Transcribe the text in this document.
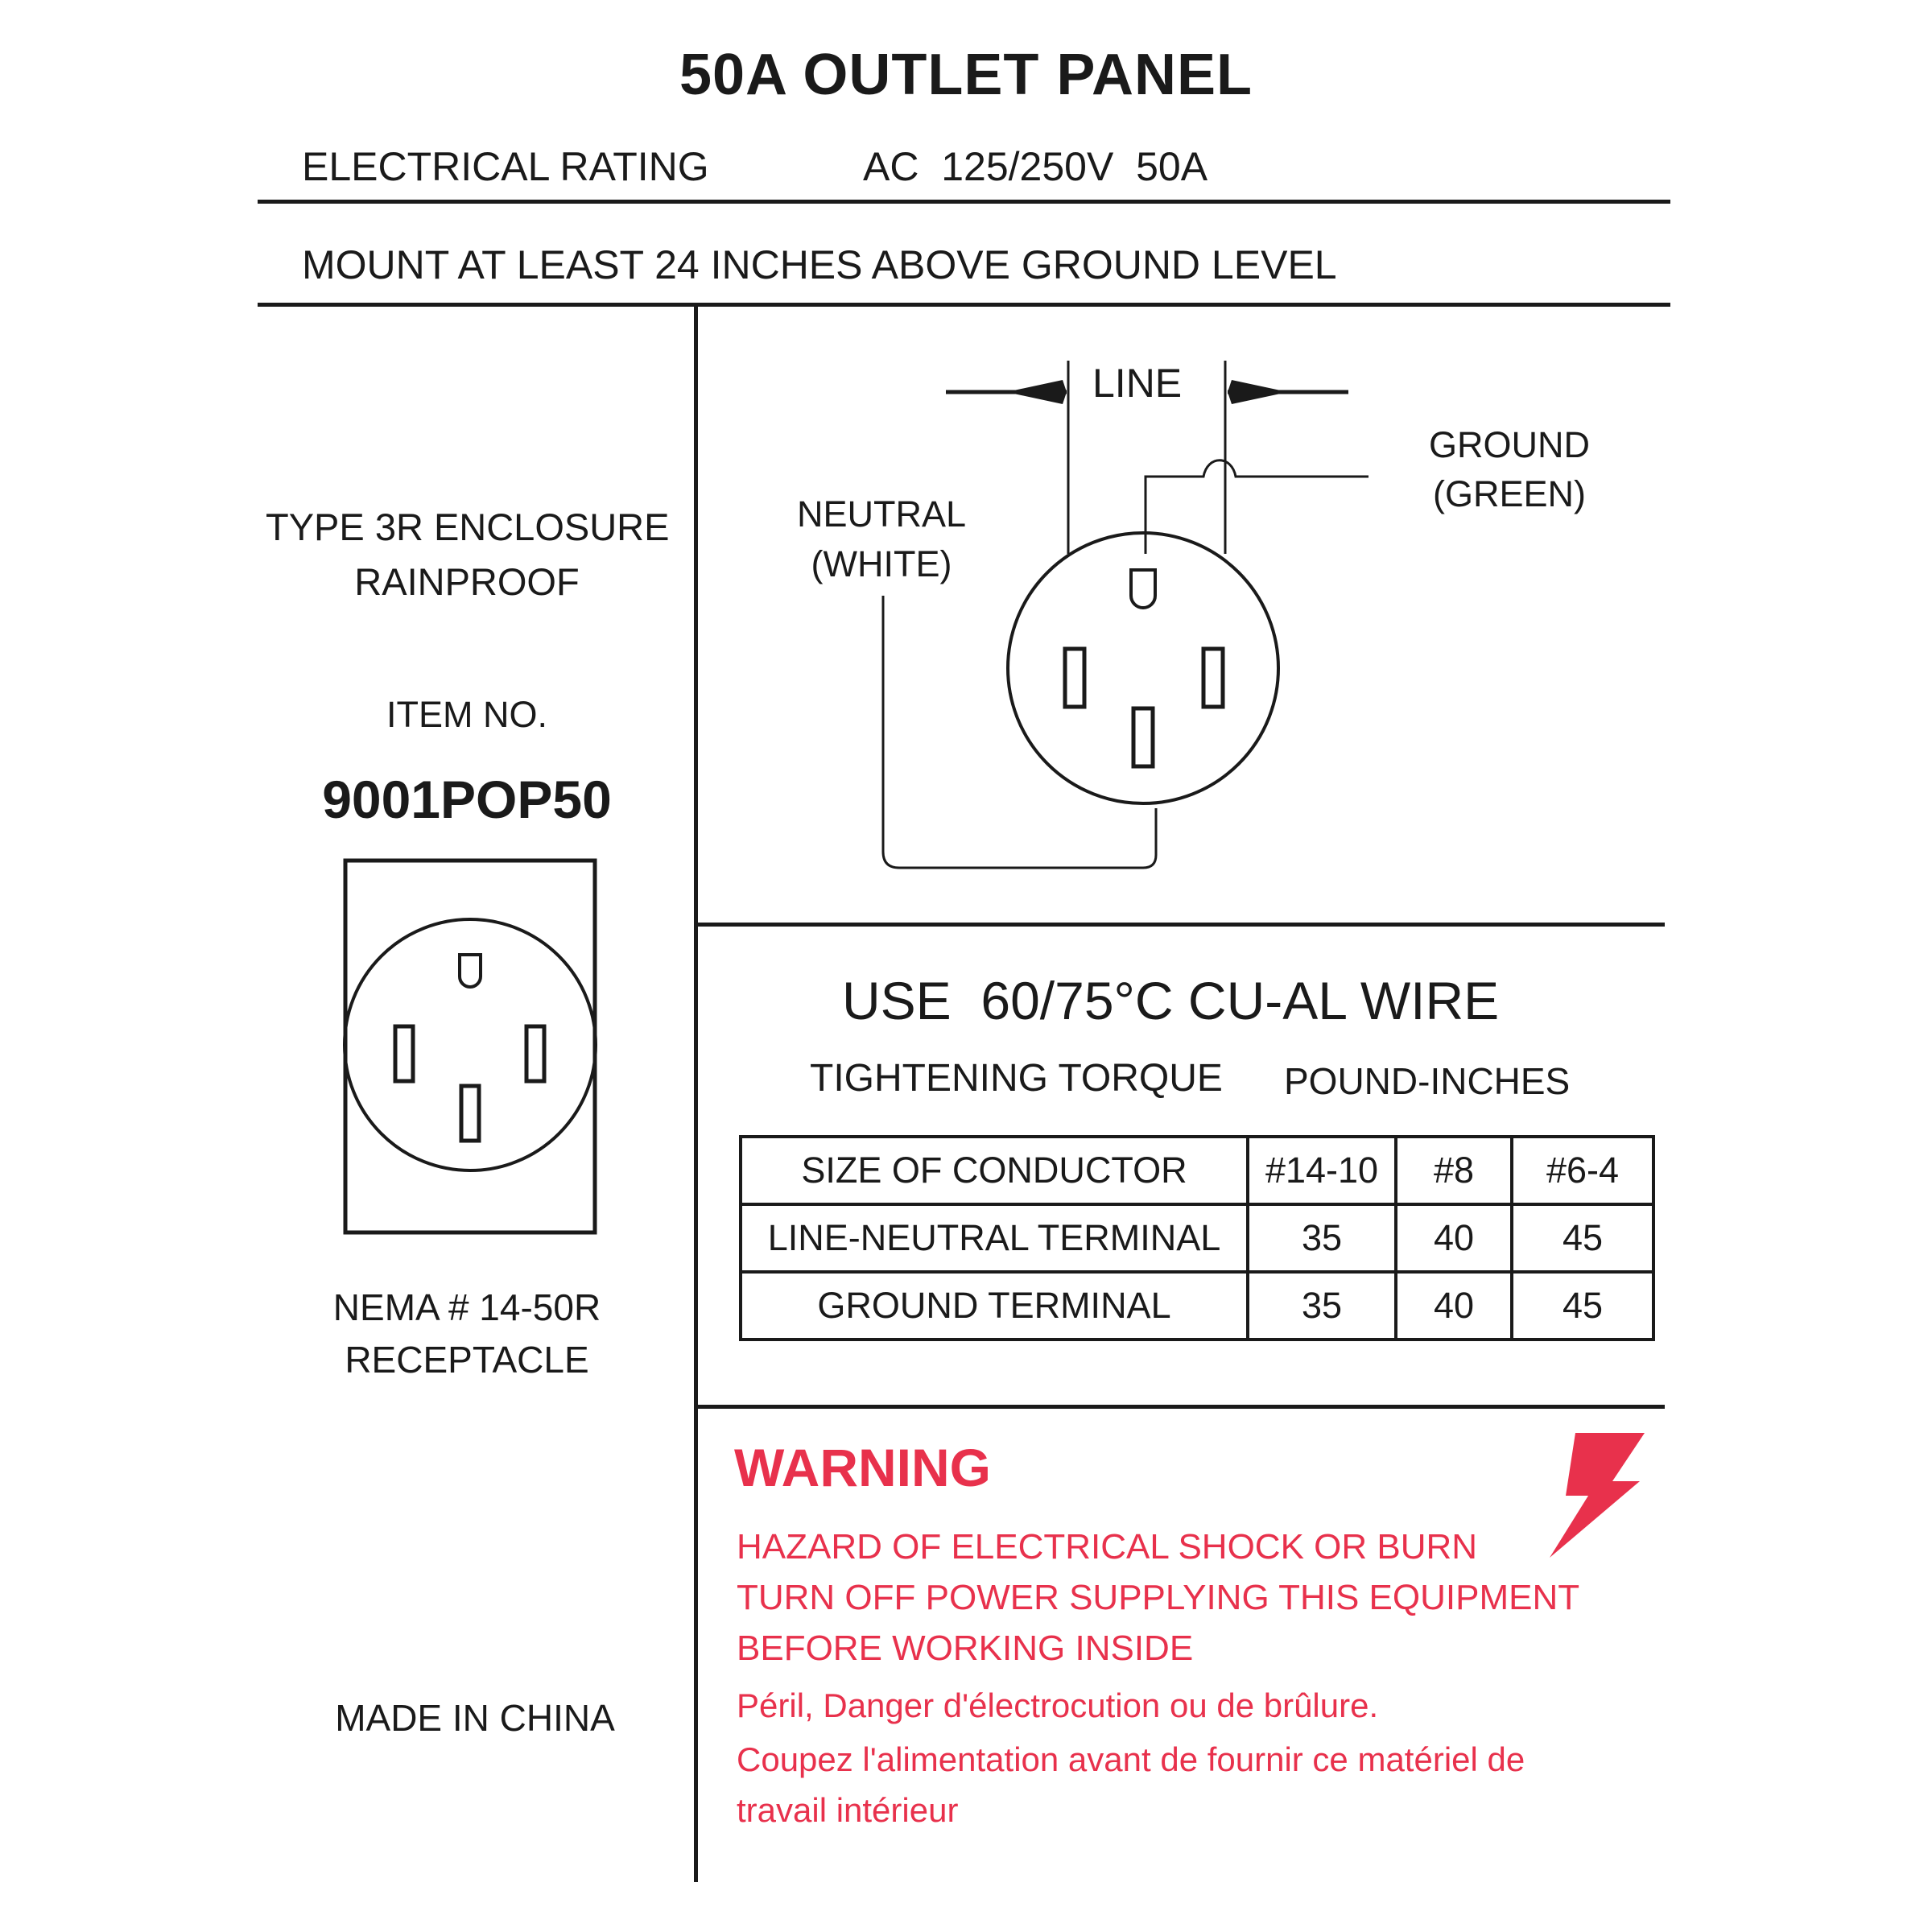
50A OUTLET PANEL
ELECTRICAL RATING	AC  125/250V  50A
MOUNT AT LEAST 24 INCHES ABOVE GROUND LEVEL
TYPE 3R ENCLOSURE
RAINPROOF
ITEM NO.
9001POP50
NEMA # 14-50R
RECEPTACLE
MADE IN CHINA
LINE
NEUTRAL
(WHITE)
GROUND
(GREEN)
USE  60/75°C CU-AL WIRE
TIGHTENING TORQUE POUND-INCHES
SIZE OF CONDUCTOR	#14-10	#8	#6-4
LINE-NEUTRAL TERMINAL	35	40	45
GROUND TERMINAL	35	40	45
WARNING
HAZARD OF ELECTRICAL SHOCK OR BURN
TURN OFF POWER SUPPLYING THIS EQUIPMENT
BEFORE WORKING INSIDE
Péril, Danger d'électrocution ou de brûlure.
Coupez l'alimentation avant de fournir ce matériel de
travail intérieur
